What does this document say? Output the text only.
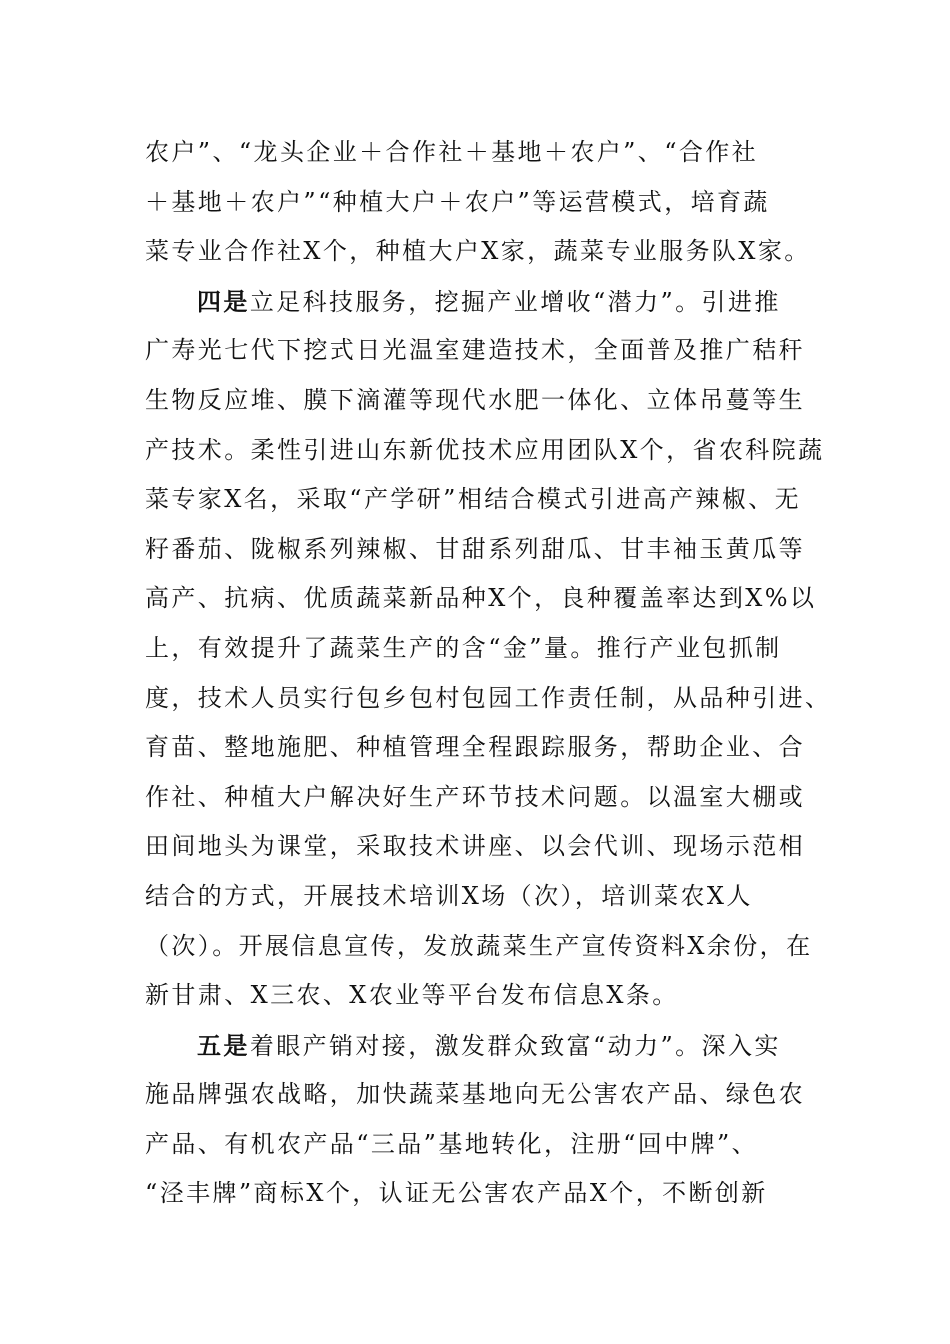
农户”、“龙头企业＋合作社＋基地＋农户”、“合作社
＋基地＋农户”“种植大户＋农户”等运营模式，培育蔬
菜专业合作社X个，种植大户X家，蔬菜专业服务队X家。
四是立足科技服务，挖掘产业增收“潜力”。引进推
广寿光七代下挖式日光温室建造技术，全面普及推广秸秆
生物反应堆、膜下滴灌等现代水肥一体化、立体吊蔓等生
产技术。柔性引进山东新优技术应用团队X个，省农科院蔬
菜专家X名，采取“产学研”相结合模式引进高产辣椒、无
籽番茄、陇椒系列辣椒、甘甜系列甜瓜、甘丰袖玉黄瓜等
高产、抗病、优质蔬菜新品种X个，良种覆盖率达到X%以
上，有效提升了蔬菜生产的含“金”量。推行产业包抓制
度，技术人员实行包乡包村包园工作责任制，从品种引进、
育苗、整地施肥、种植管理全程跟踪服务，帮助企业、合
作社、种植大户解决好生产环节技术问题。以温室大棚或
田间地头为课堂，采取技术讲座、以会代训、现场示范相
结合的方式，开展技术培训X场（次），培训菜农X人
（次）。开展信息宣传，发放蔬菜生产宣传资料X余份，在
新甘肃、X三农、X农业等平台发布信息X条。
五是着眼产销对接，激发群众致富“动力”。深入实
施品牌强农战略，加快蔬菜基地向无公害农产品、绿色农
产品、有机农产品“三品”基地转化，注册“回中牌”、
“泾丰牌”商标X个，认证无公害农产品X个，不断创新
